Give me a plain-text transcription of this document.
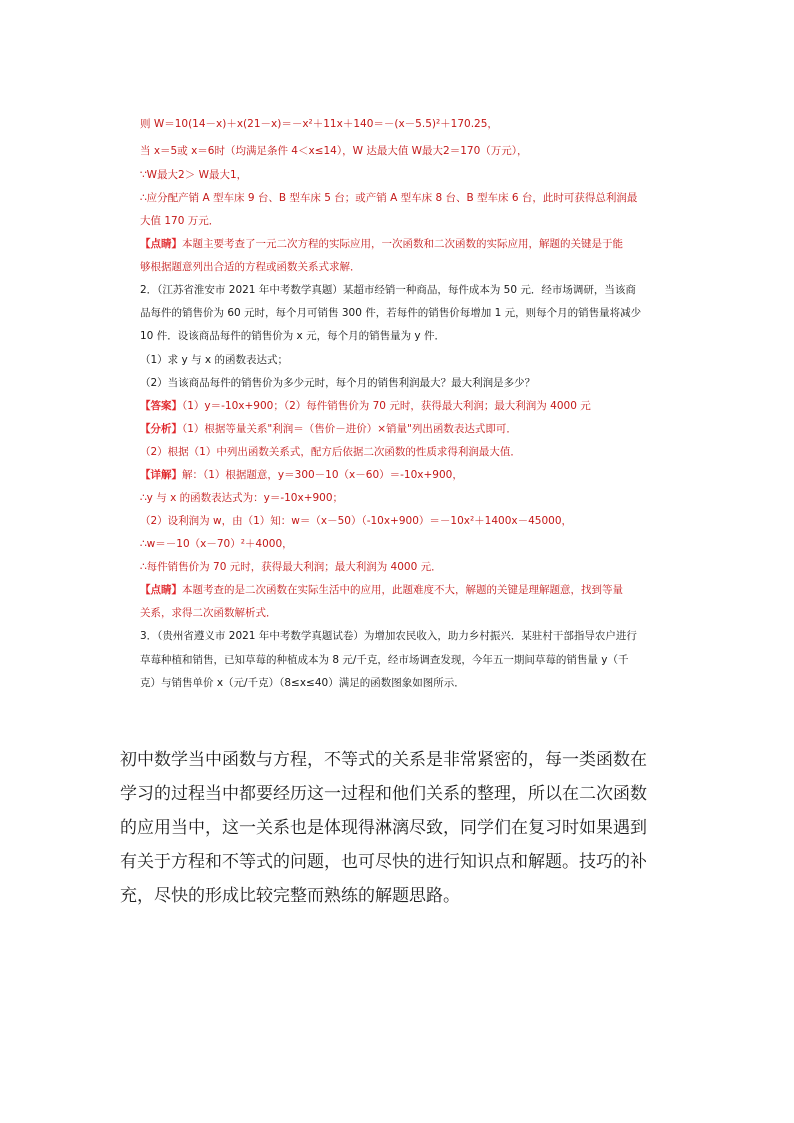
则 W＝10(14－x)＋x(21－x)＝－x²＋11x＋140＝－(x－5.5)²＋170.25，
当 x＝5或 x＝6时（均满足条件 4＜x≤14），W 达最大值 W最大2＝170（万元），
∵W最大2＞ W最大1，
∴应分配产销 A 型车床 9 台、B 型车床 5 台；或产销 A 型车床 8 台、B 型车床 6 台，此时可获得总利润最
大值 170 万元．
【点睛】本题主要考查了一元二次方程的实际应用，一次函数和二次函数的实际应用，解题的关键是于能
够根据题意列出合适的方程或函数关系式求解．
2．（江苏省淮安市 2021 年中考数学真题）某超市经销一种商品，每件成本为 50 元．经市场调研，当该商
品每件的销售价为 60 元时，每个月可销售 300 件，若每件的销售价每增加 1 元，则每个月的销售量将减少
10 件．设该商品每件的销售价为 x 元，每个月的销售量为 y 件．
（1）求 y 与 x 的函数表达式；
（2）当该商品每件的销售价为多少元时，每个月的销售利润最大？最大利润是多少？
【答案】（1）y＝-10x+900；（2）每件销售价为 70 元时，获得最大利润；最大利润为 4000 元
【分析】（1）根据等量关系"利润＝（售价－进价）×销量"列出函数表达式即可．
（2）根据（1）中列出函数关系式，配方后依据二次函数的性质求得利润最大值．
【详解】解：（1）根据题意，y＝300－10（x－60）＝-10x+900，
∴y 与 x 的函数表达式为：y＝-10x+900；
（2）设利润为 w，由（1）知：w＝（x－50）（-10x+900）＝－10x²＋1400x－45000，
∴w＝－10（x－70）²＋4000，
∴每件销售价为 70 元时，获得最大利润；最大利润为 4000 元．
【点睛】本题考查的是二次函数在实际生活中的应用，此题难度不大，解题的关键是理解题意，找到等量
关系，求得二次函数解析式．
3．（贵州省遵义市 2021 年中考数学真题试卷）为增加农民收入，助力乡村振兴．某驻村干部指导农户进行
草莓种植和销售，已知草莓的种植成本为 8 元/千克，经市场调查发现，今年五一期间草莓的销售量 y（千
克）与销售单价 x（元/千克）（8≤x≤40）满足的函数图象如图所示．
初中数学当中函数与方程，不等式的关系是非常紧密的，每一类函数在
学习的过程当中都要经历这一过程和他们关系的整理，所以在二次函数
的应用当中，这一关系也是体现得淋漓尽致，同学们在复习时如果遇到
有关于方程和不等式的问题，也可尽快的进行知识点和解题。技巧的补
充，尽快的形成比较完整而熟练的解题思路。
